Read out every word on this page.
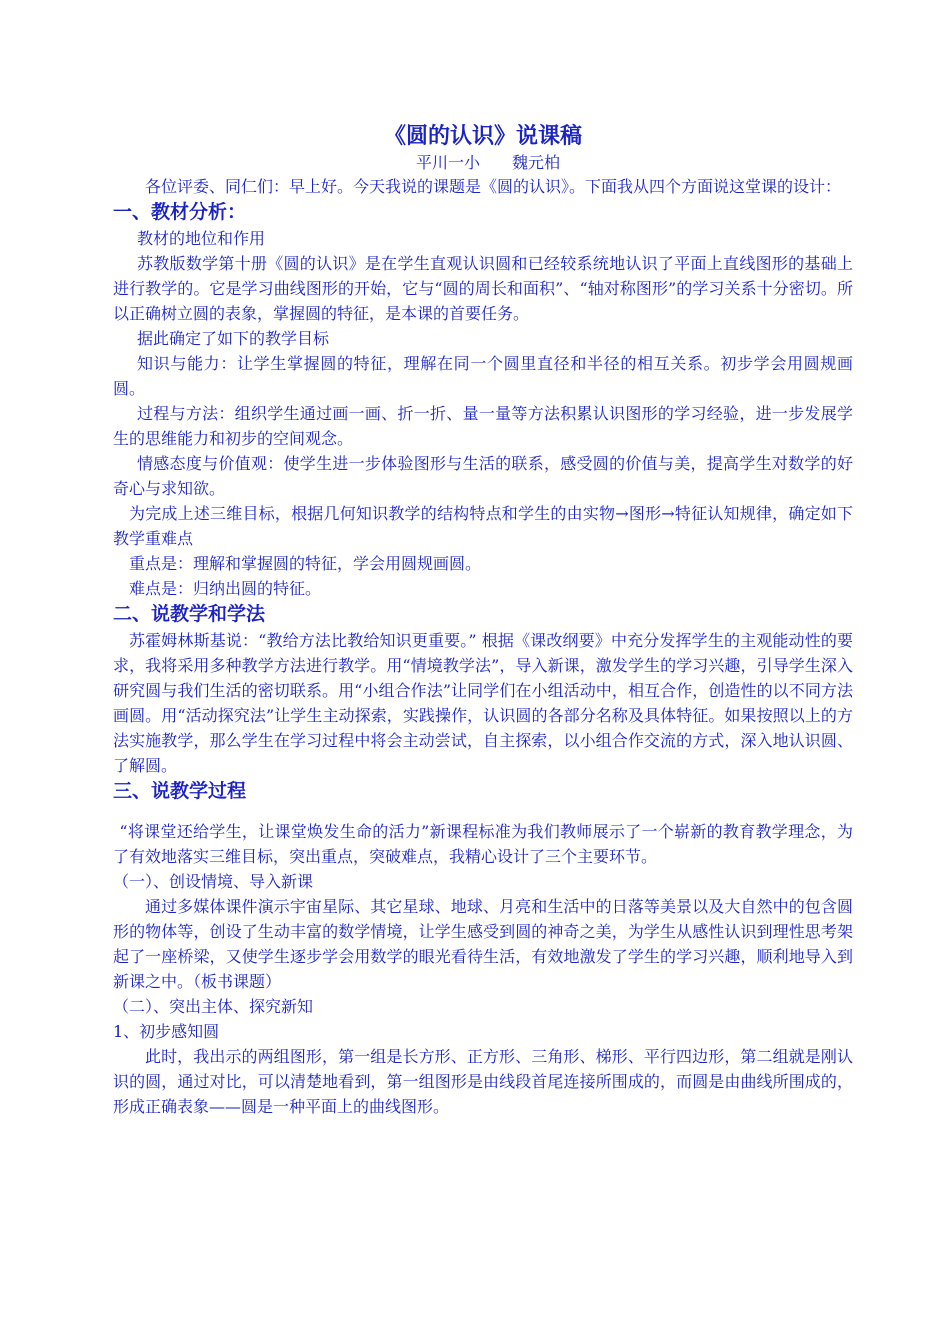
《圆的认识》说课稿
平川一小　　魏元柏

各位评委、同仁们：早上好。今天我说的课题是《圆的认识》。下面我从四个方面说这堂课的设计：

一、教材分析：

教材的地位和作用

苏教版数学第十册《圆的认识》是在学生直观认识圆和已经较系统地认识了平面上直线图形的基础上进行教学的。它是学习曲线图形的开始，它与“圆的周长和面积”、“轴对称图形”的学习关系十分密切。所以正确树立圆的表象，掌握圆的特征，是本课的首要任务。

据此确定了如下的教学目标

知识与能力：让学生掌握圆的特征，理解在同一个圆里直径和半径的相互关系。初步学会用圆规画圆。

过程与方法：组织学生通过画一画、折一折、量一量等方法积累认识图形的学习经验，进一步发展学生的思维能力和初步的空间观念。

情感态度与价值观：使学生进一步体验图形与生活的联系，感受圆的价值与美，提高学生对数学的好奇心与求知欲。

为完成上述三维目标，根据几何知识教学的结构特点和学生的由实物→图形→特征认知规律，确定如下教学重难点

重点是：理解和掌握圆的特征，学会用圆规画圆。

难点是：归纳出圆的特征。

二、说教学和学法

苏霍姆林斯基说：“教给方法比教给知识更重要。” 根据《课改纲要》中充分发挥学生的主观能动性的要求，我将采用多种教学方法进行教学。用“情境教学法”，导入新课，激发学生的学习兴趣，引导学生深入研究圆与我们生活的密切联系。用“小组合作法”让同学们在小组活动中，相互合作，创造性的以不同方法画圆。用“活动探究法”让学生主动探索，实践操作，认识圆的各部分名称及具体特征。如果按照以上的方法实施教学，那么学生在学习过程中将会主动尝试，自主探索，以小组合作交流的方式，深入地认识圆、了解圆。

三、说教学过程

“将课堂还给学生，让课堂焕发生命的活力”新课程标准为我们教师展示了一个崭新的教育教学理念，为了有效地落实三维目标，突出重点，突破难点，我精心设计了三个主要环节。

（一）、创设情境、导入新课

通过多媒体课件演示宇宙星际、其它星球、地球、月亮和生活中的日落等美景以及大自然中的包含圆形的物体等，创设了生动丰富的数学情境，让学生感受到圆的神奇之美，为学生从感性认识到理性思考架起了一座桥梁，又使学生逐步学会用数学的眼光看待生活，有效地激发了学生的学习兴趣，顺利地导入到新课之中。（板书课题）

（二）、突出主体、探究新知

1、初步感知圆

此时，我出示的两组图形，第一组是长方形、正方形、三角形、梯形、平行四边形，第二组就是刚认识的圆，通过对比，可以清楚地看到，第一组图形是由线段首尾连接所围成的，而圆是由曲线所围成的，形成正确表象——圆是一种平面上的曲线图形。
